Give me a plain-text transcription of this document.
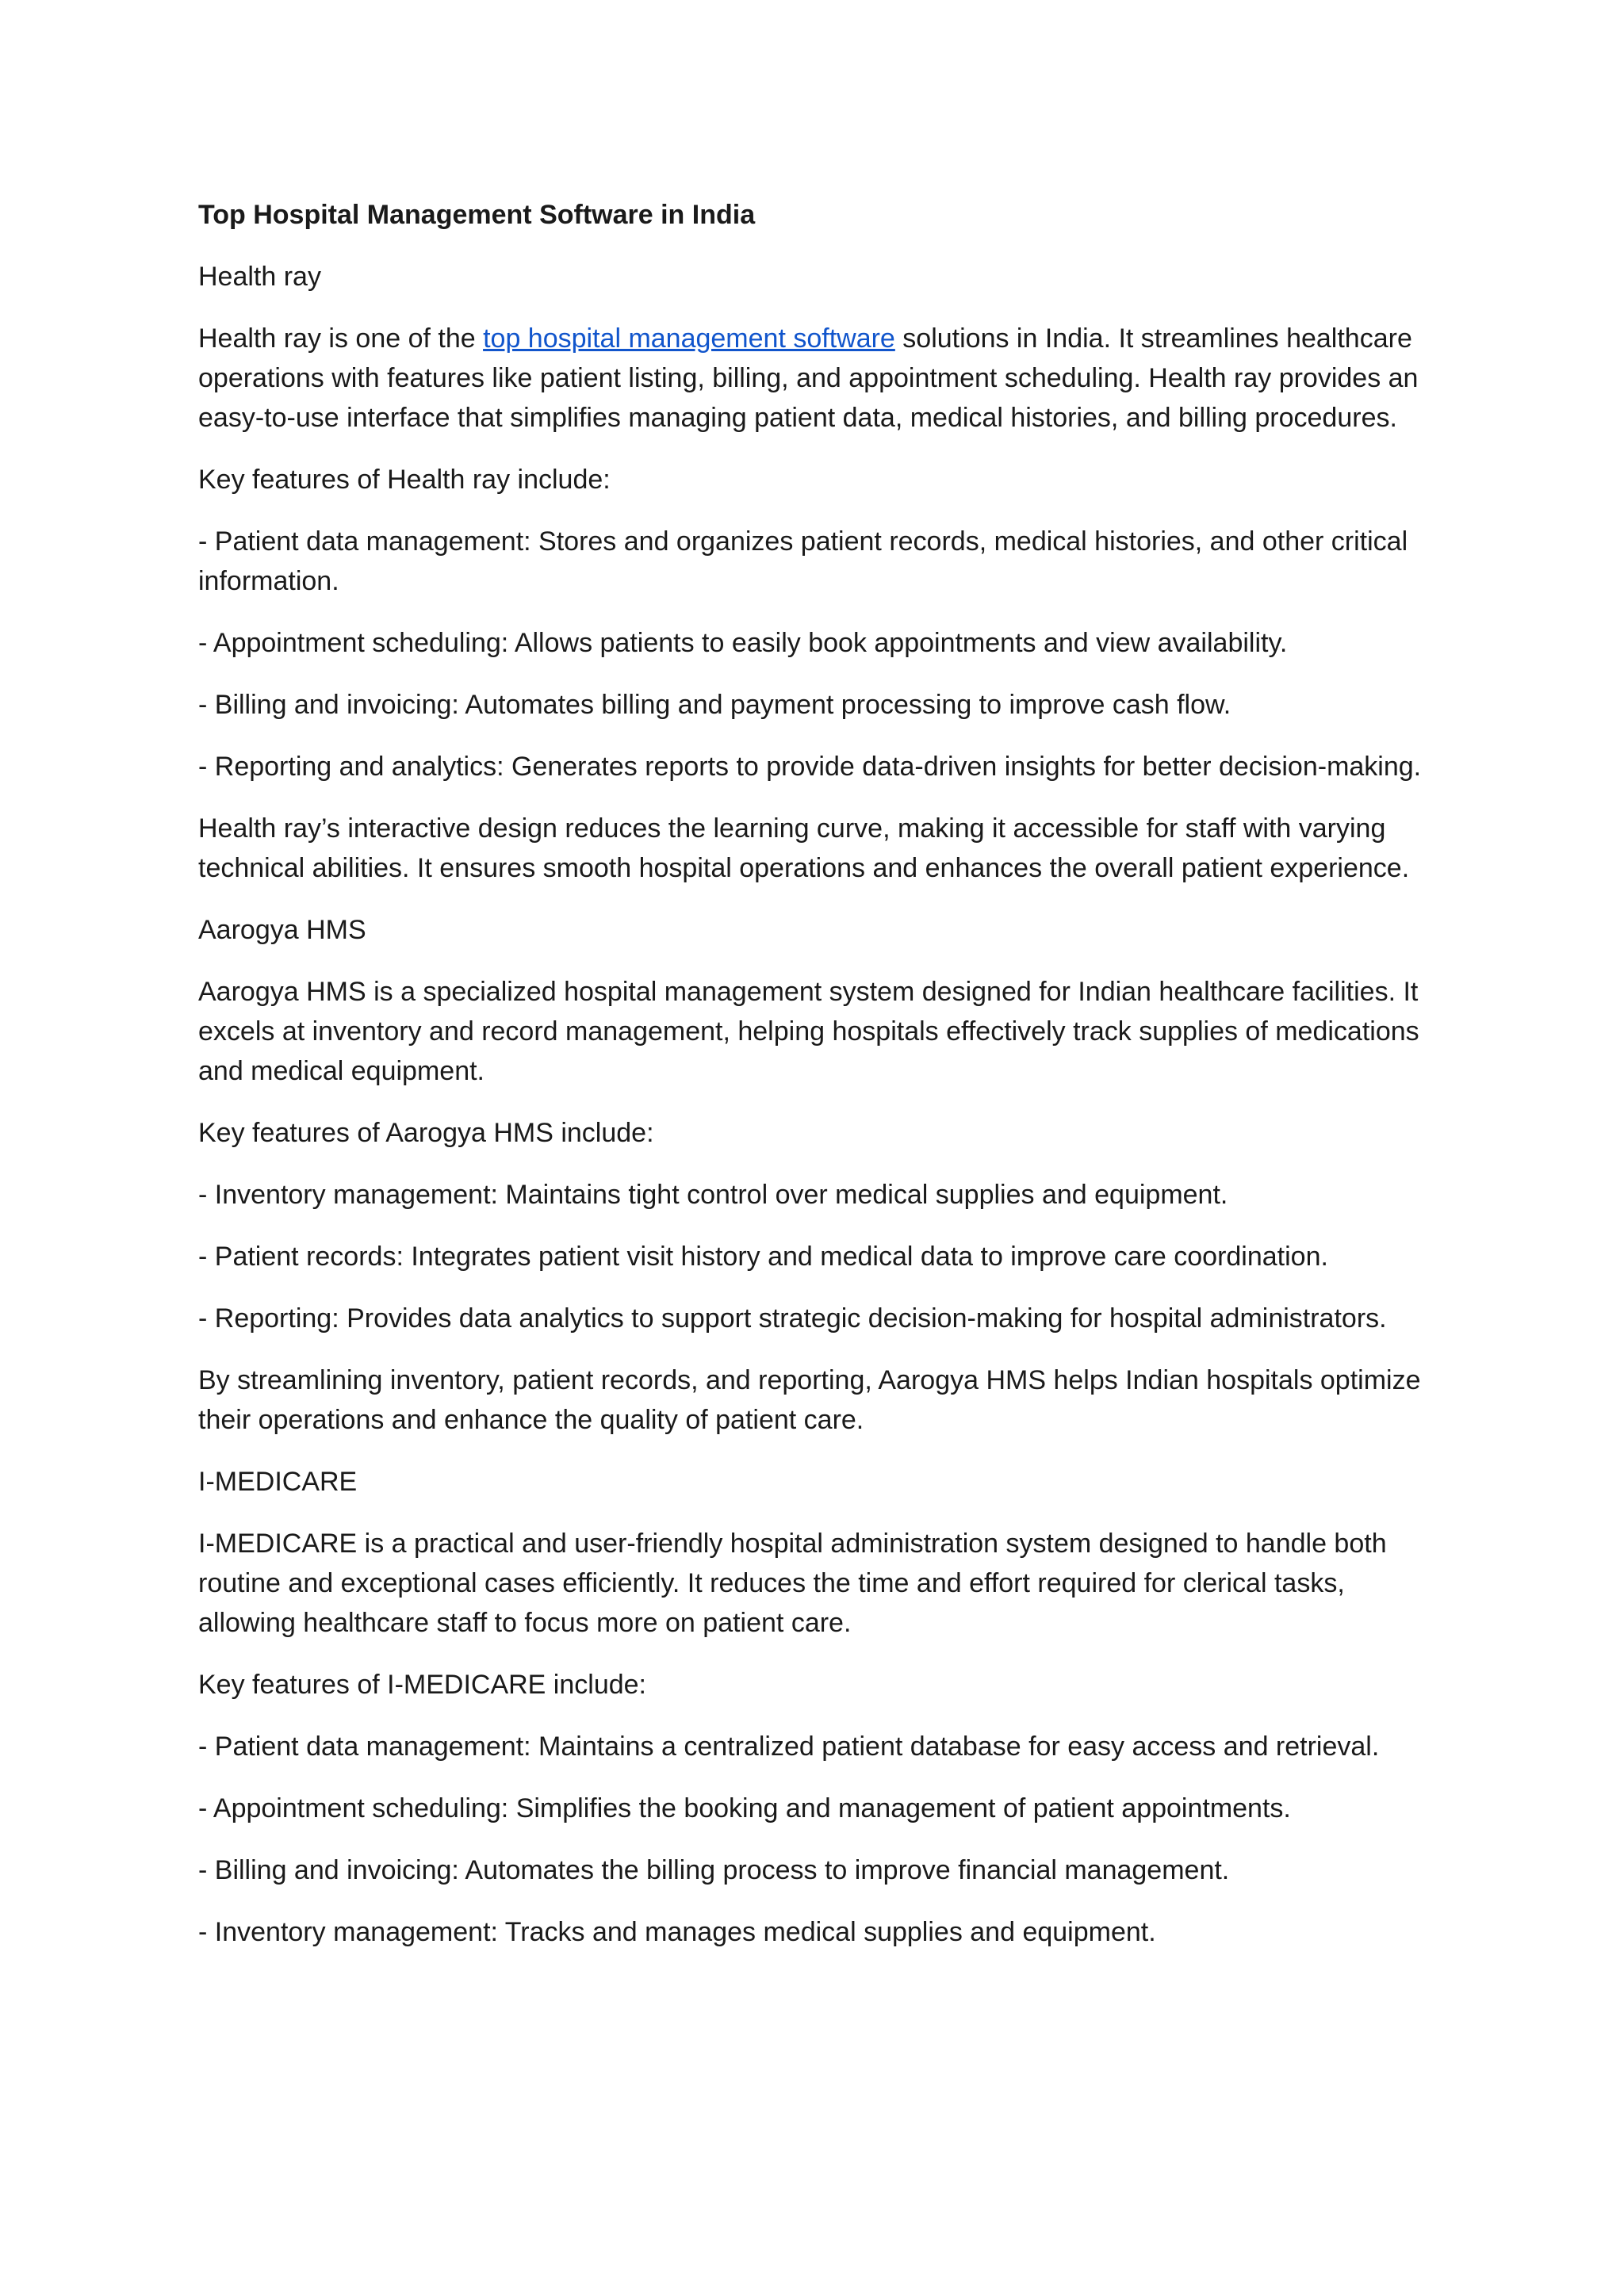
Top Hospital Management Software in India
Health ray
Health ray is one of the top hospital management software solutions in India. It streamlines healthcare operations with features like patient listing, billing, and appointment scheduling. Health ray provides an easy-to-use interface that simplifies managing patient data, medical histories, and billing procedures.
Key features of Health ray include:
- Patient data management: Stores and organizes patient records, medical histories, and other critical information.
- Appointment scheduling: Allows patients to easily book appointments and view availability.
- Billing and invoicing: Automates billing and payment processing to improve cash flow.
- Reporting and analytics: Generates reports to provide data-driven insights for better decision-making.
Health ray’s interactive design reduces the learning curve, making it accessible for staff with varying technical abilities. It ensures smooth hospital operations and enhances the overall patient experience.
Aarogya HMS
Aarogya HMS is a specialized hospital management system designed for Indian healthcare facilities. It excels at inventory and record management, helping hospitals effectively track supplies of medications and medical equipment.
Key features of Aarogya HMS include:
- Inventory management: Maintains tight control over medical supplies and equipment.
- Patient records: Integrates patient visit history and medical data to improve care coordination.
- Reporting: Provides data analytics to support strategic decision-making for hospital administrators.
By streamlining inventory, patient records, and reporting, Aarogya HMS helps Indian hospitals optimize their operations and enhance the quality of patient care.
I-MEDICARE
I-MEDICARE is a practical and user-friendly hospital administration system designed to handle both routine and exceptional cases efficiently. It reduces the time and effort required for clerical tasks, allowing healthcare staff to focus more on patient care.
Key features of I-MEDICARE include:
- Patient data management: Maintains a centralized patient database for easy access and retrieval.
- Appointment scheduling: Simplifies the booking and management of patient appointments.
- Billing and invoicing: Automates the billing process to improve financial management.
- Inventory management: Tracks and manages medical supplies and equipment.
